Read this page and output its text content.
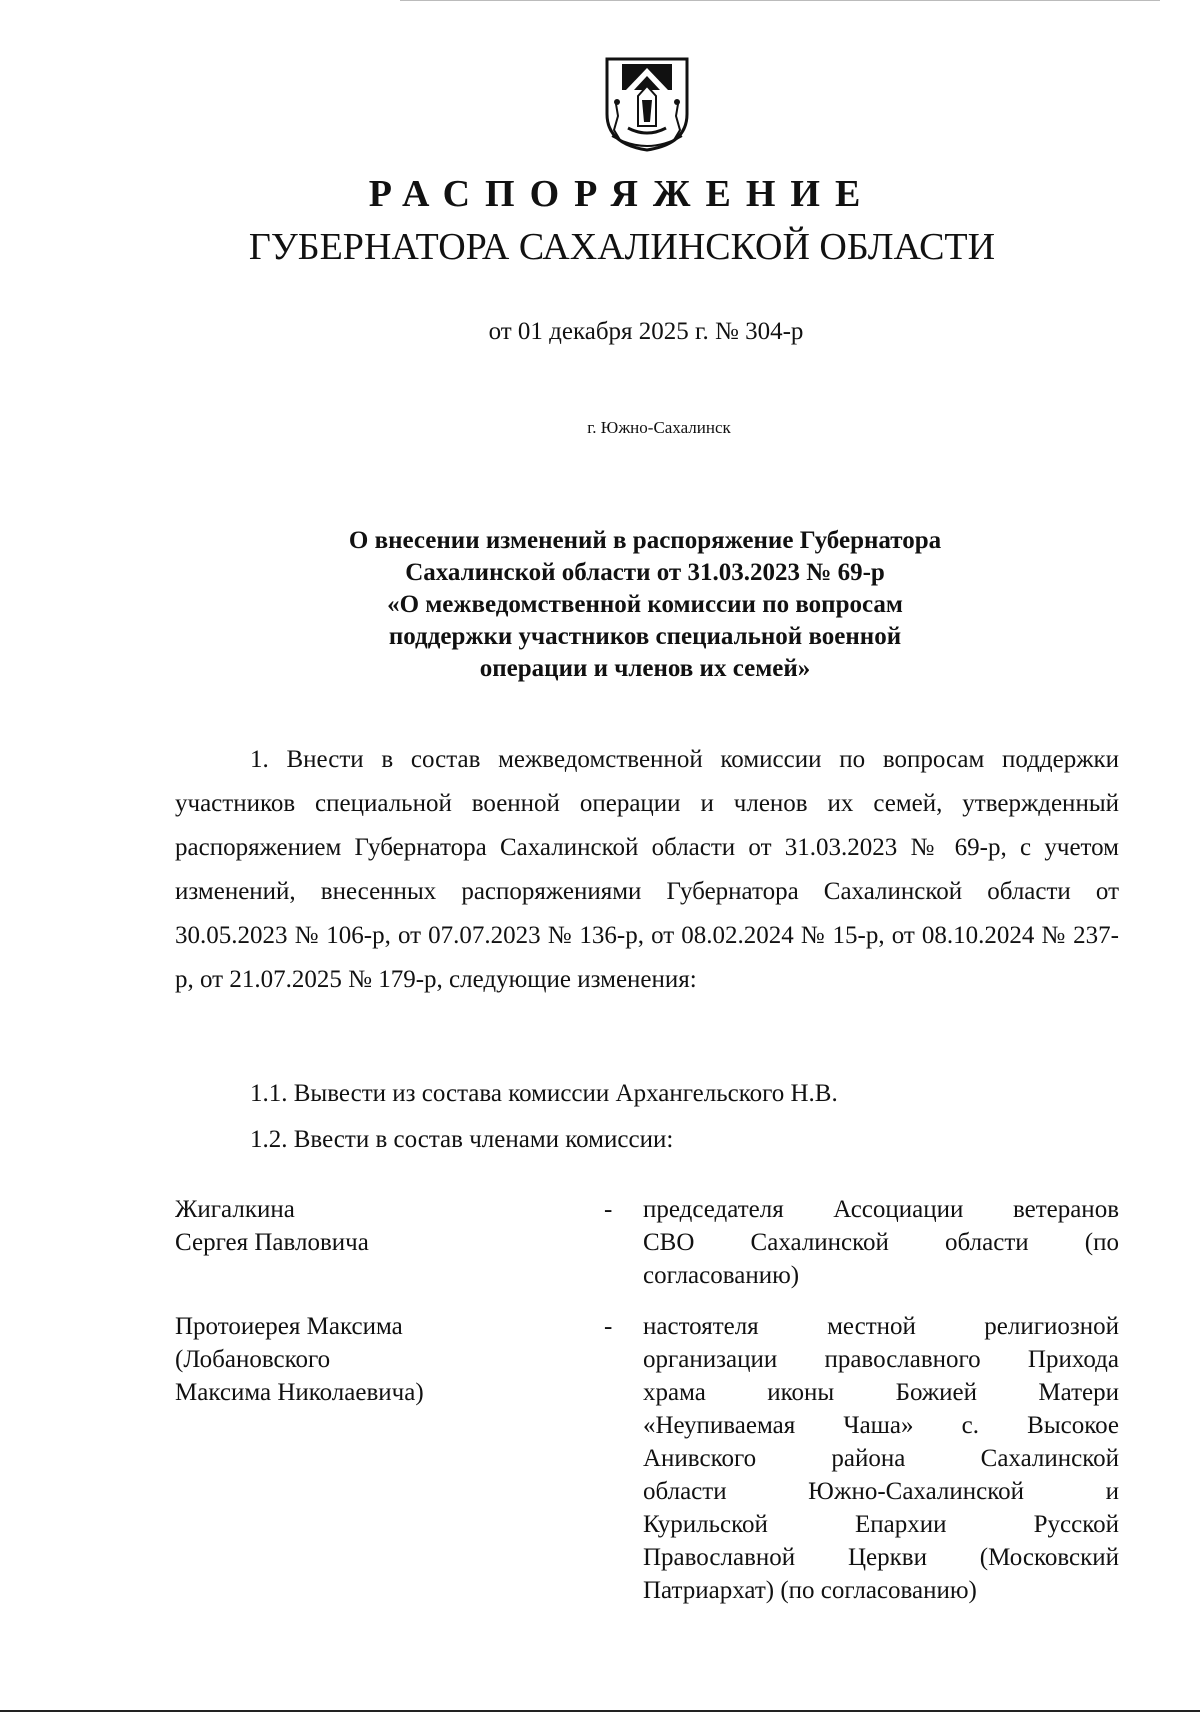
РАСПОРЯЖЕНИЕ
ГУБЕРНАТОРА САХАЛИНСКОЙ ОБЛАСТИ
от 01 декабря 2025 г. № 304-р
г. Южно-Сахалинск
О внесении изменений в распоряжение Губернатора
Сахалинской области от 31.03.2023 № 69-р
«О межведомственной комиссии по вопросам
поддержки участников специальной военной
операции и членов их семей»
1. Внести в состав межведомственной комиссии по вопросам поддержки участников специальной военной операции и членов их семей, утвержденный распоряжением Губернатора Сахалинской области от 31.03.2023 № 69-р, с учетом изменений, внесенных распоряжениями Губернатора Сахалинской области от 30.05.2023 № 106-р, от 07.07.2023 № 136-р, от 08.02.2024 № 15-р, от 08.10.2024 № 237-р, от 21.07.2025 № 179-р, следующие изменения:
1.1. Вывести из состава комиссии Архангельского Н.В.
1.2. Ввести в состав членами комиссии:
Жигалкина
Сергея Павловича
- председателя Ассоциации ветеранов
СВО Сахалинской области (по
согласованию)
Протоиерея Максима
(Лобановского
Максима Николаевича)
- настоятеля местной религиозной
организации православного Прихода
храма иконы Божией Матери
«Неупиваемая Чаша» с. Высокое
Анивского района Сахалинской
области Южно-Сахалинской и
Курильской Епархии Русской
Православной Церкви (Московский
Патриархат) (по согласованию)
